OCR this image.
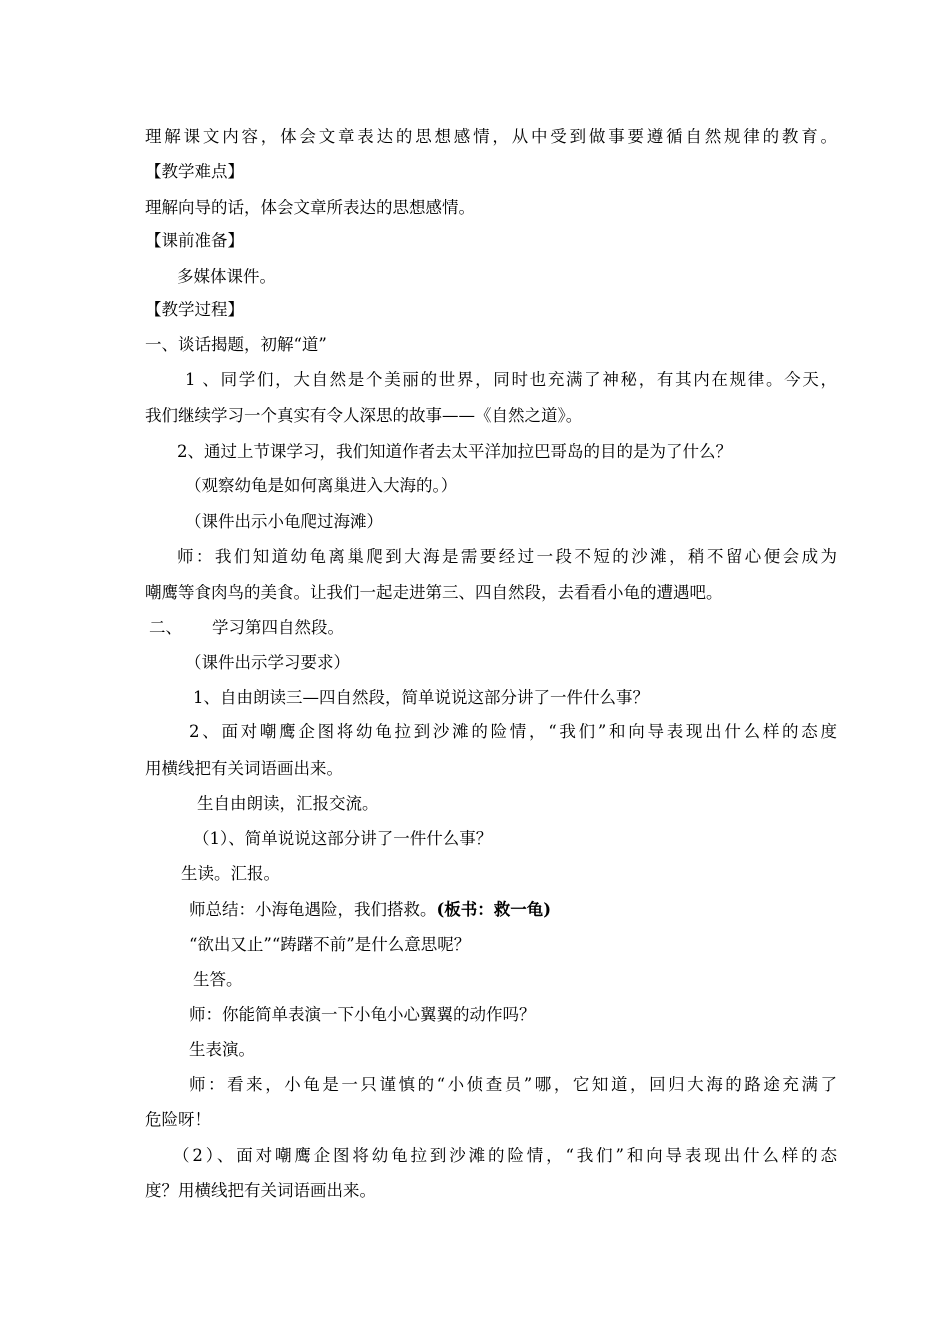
理解课文内容，体会文章表达的思想感情，从中受到做事要遵循自然规律的教育。
【教学难点】
理解向导的话，体会文章所表达的思想感情。
【课前准备】
多媒体课件。
【教学过程】
一、谈话揭题，初解“道”
1 、同学们，大自然是个美丽的世界，同时也充满了神秘，有其内在规律。今天，
我们继续学习一个真实有令人深思的故事——《自然之道》。
2、通过上节课学习，我们知道作者去太平洋加拉巴哥岛的目的是为了什么？
（观察幼龟是如何离巢进入大海的。）
（课件出示小龟爬过海滩）
师：我们知道幼龟离巢爬到大海是需要经过一段不短的沙滩，稍不留心便会成为
嘲鹰等食肉鸟的美食。让我们一起走进第三、四自然段，去看看小龟的遭遇吧。
二、 学习第四自然段。
（课件出示学习要求）
1、自由朗读三—四自然段，简单说说这部分讲了一件什么事？
2、面对嘲鹰企图将幼龟拉到沙滩的险情，“我们”和向导表现出什么样的态度
用横线把有关词语画出来。
生自由朗读，汇报交流。
（1）、简单说说这部分讲了一件什么事？
生读。汇报。
师总结：小海龟遇险，我们搭救。(板书：救一龟)
“欲出又止”“踌躇不前”是什么意思呢？
生答。
师：你能简单表演一下小龟小心翼翼的动作吗？
生表演。
师：看来，小龟是一只谨慎的“小侦查员”哪，它知道，回归大海的路途充满了
危险呀！
（2）、面对嘲鹰企图将幼龟拉到沙滩的险情，“我们”和向导表现出什么样的态
度？用横线把有关词语画出来。
